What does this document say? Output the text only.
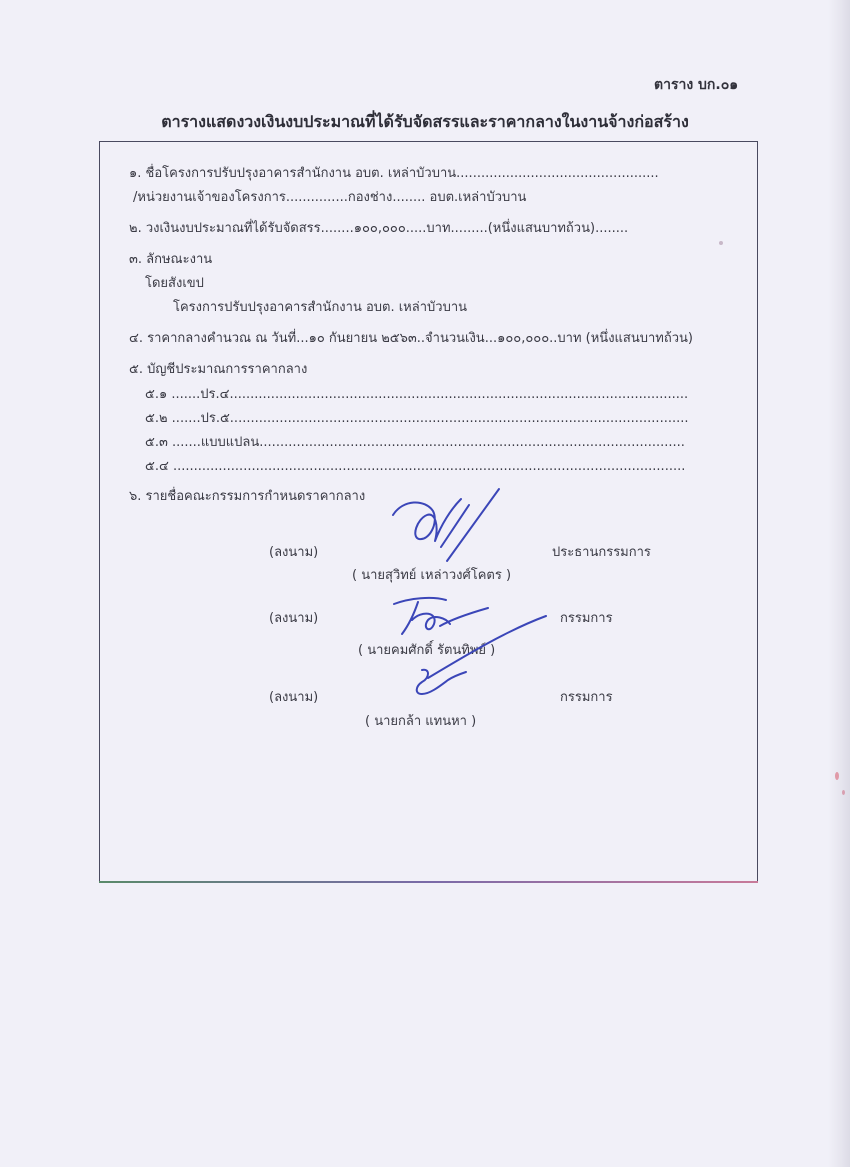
ตาราง บก.๐๑
ตารางแสดงวงเงินงบประมาณที่ได้รับจัดสรรและราคากลางในงานจ้างก่อสร้าง
๑. ชื่อโครงการปรับปรุงอาคารสำนักงาน อบต. เหล่าบัวบาน.................................................
/หน่วยงานเจ้าของโครงการ...............กองช่าง........ อบต.เหล่าบัวบาน
๒. วงเงินงบประมาณที่ได้รับจัดสรร........๑๐๐,๐๐๐.....บาท.........(หนึ่งแสนบาทถ้วน)........
๓. ลักษณะงาน
โดยสังเขป
โครงการปรับปรุงอาคารสำนักงาน อบต. เหล่าบัวบาน
๔. ราคากลางคำนวณ ณ วันที่...๑๐ กันยายน ๒๕๖๓..จำนวนเงิน...๑๐๐,๐๐๐..บาท (หนึ่งแสนบาทถ้วน)
๕. บัญชีประมาณการราคากลาง
๕.๑ .......ปร.๔...............................................................................................................
๕.๒ .......ปร.๕...............................................................................................................
๕.๓ .......แบบแปลน.......................................................................................................
๕.๔ ............................................................................................................................
๖. รายชื่อคณะกรรมการกำหนดราคากลาง
(ลงนาม)	ประธานกรรมการ
( นายสุวิทย์ เหล่าวงศ์โคตร )
(ลงนาม)	กรรมการ
( นายคมศักดิ์ รัตนทิพย์ )
(ลงนาม)	กรรมการ
( นายกล้า แทนหา )
